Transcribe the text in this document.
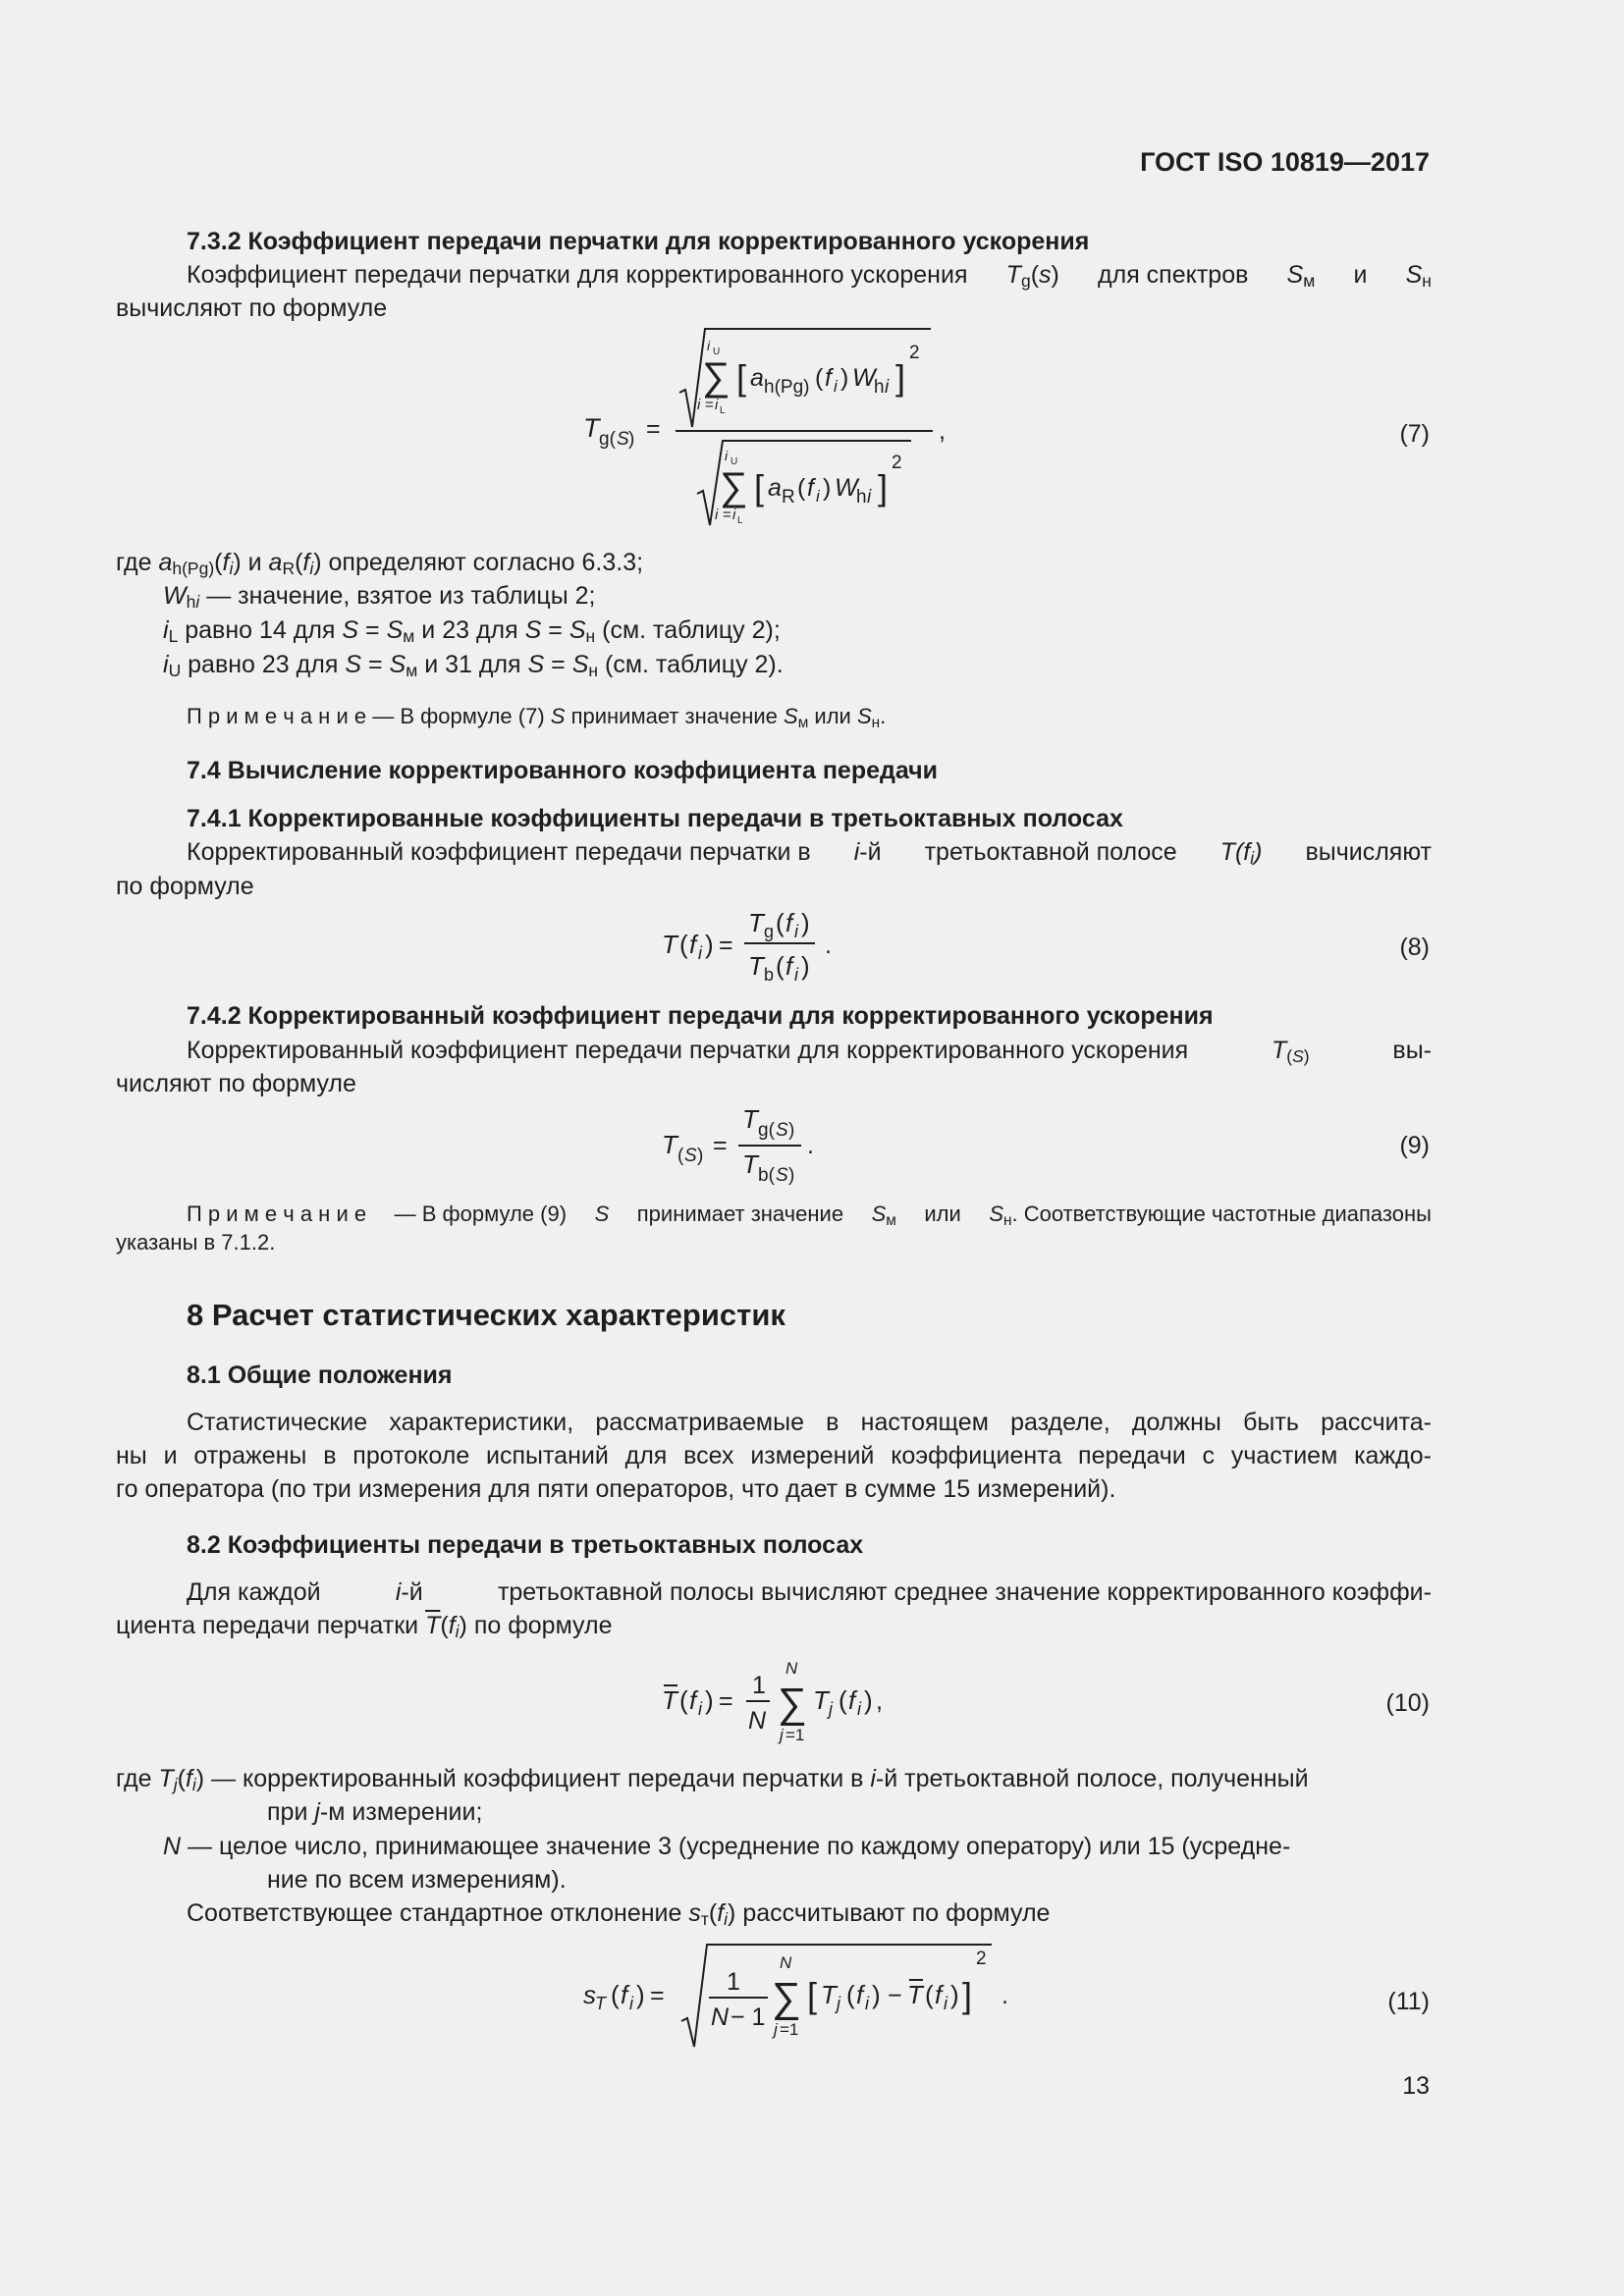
ГОСТ ISO 10819—2017
7.3.2 Коэффициент передачи перчатки для корректированного ускорения
Коэффициент передачи перчатки для корректированного ускорения $T_g(s)$ для спектров $S_м$ и $S_н$
вычисляют по формуле
T g( S ) =
i U
∑
i = i L
[ a h(Pg) ( f i ) W
h i ]
2
,
i U
∑
i = i L
[ a R ( f i ) W
h i ]
2
(7)
где $a_{h(Pg)}(f_i)$ и $a_R(f_i)$ определяют согласно 6.3.3;
$W_{hi}$ — значение, взятое из таблицы 2;
$i_L$ равно 14 для $S = S_м$ и 23 для $S = S_н$ (см. таблицу 2);
$i_U$ равно 23 для $S = S_м$ и 31 для $S = S_н$ (см. таблицу 2).
П р и м е ч а н и е — В формуле (7) S принимает значение $S_м$ или $S_н$.
7.4 Вычисление корректированного коэффициента передачи
7.4.1 Корректированные коэффициенты передачи в третьоктавных полосах
Корректированный коэффициент передачи перчатки в i-й третьоктавной полосе $T(f_i)$ вычисляют
по формуле
T ( f i ) =
T g ( f i )
T b ( f i )
.	(8)
7.4.2 Корректированный коэффициент передачи для корректированного ускорения
Корректированный коэффициент передачи перчатки для корректированного ускорения	$T_{(S)}$	вы-
числяют по формуле
T ( S ) =
T g( S )
T b( S )
.	(9)
П р и м е ч а н и е — В формуле (9) S принимает значение $S_м$ или $S_н$. Соответствующие частотные диапазоны
указаны в 7.1.2.
8 Расчет статистических характеристик
8.1 Общие положения
Статистические характеристики, рассматриваемые в настоящем разделе, должны быть рассчита-
ны и отражены в протоколе испытаний для всех измерений коэффициента передачи с участием каждо-
го оператора (по три измерения для пяти операторов, что дает в сумме 15 измерений).
8.2 Коэффициенты передачи в третьоктавных полосах
Для каждой	i-й	третьоктавной полосы вычисляют среднее значение корректированного коэффи-
циента передачи перчатки $\overline{T}(f_i)$ по формуле
T ( f i ) =
1
N
N
∑
j =1
T j ( f i ) ,	(10)
где $T_j(f_i)$ — корректированный коэффициент передачи перчатки в i-й третьоктавной полосе, полученный
при j-м измерении;
N — целое число, принимающее значение 3 (усреднение по каждому оператору) или 15 (усредне-
ние по всем измерениям).
Соответствующее стандартное отклонение $s_т(f_i)$ рассчитывают по формуле
s T ( f i ) =	1
N − 1
N
∑
j =1
[ T j ( f i ) − T ( f i ) ]
2
.	(11)
13
